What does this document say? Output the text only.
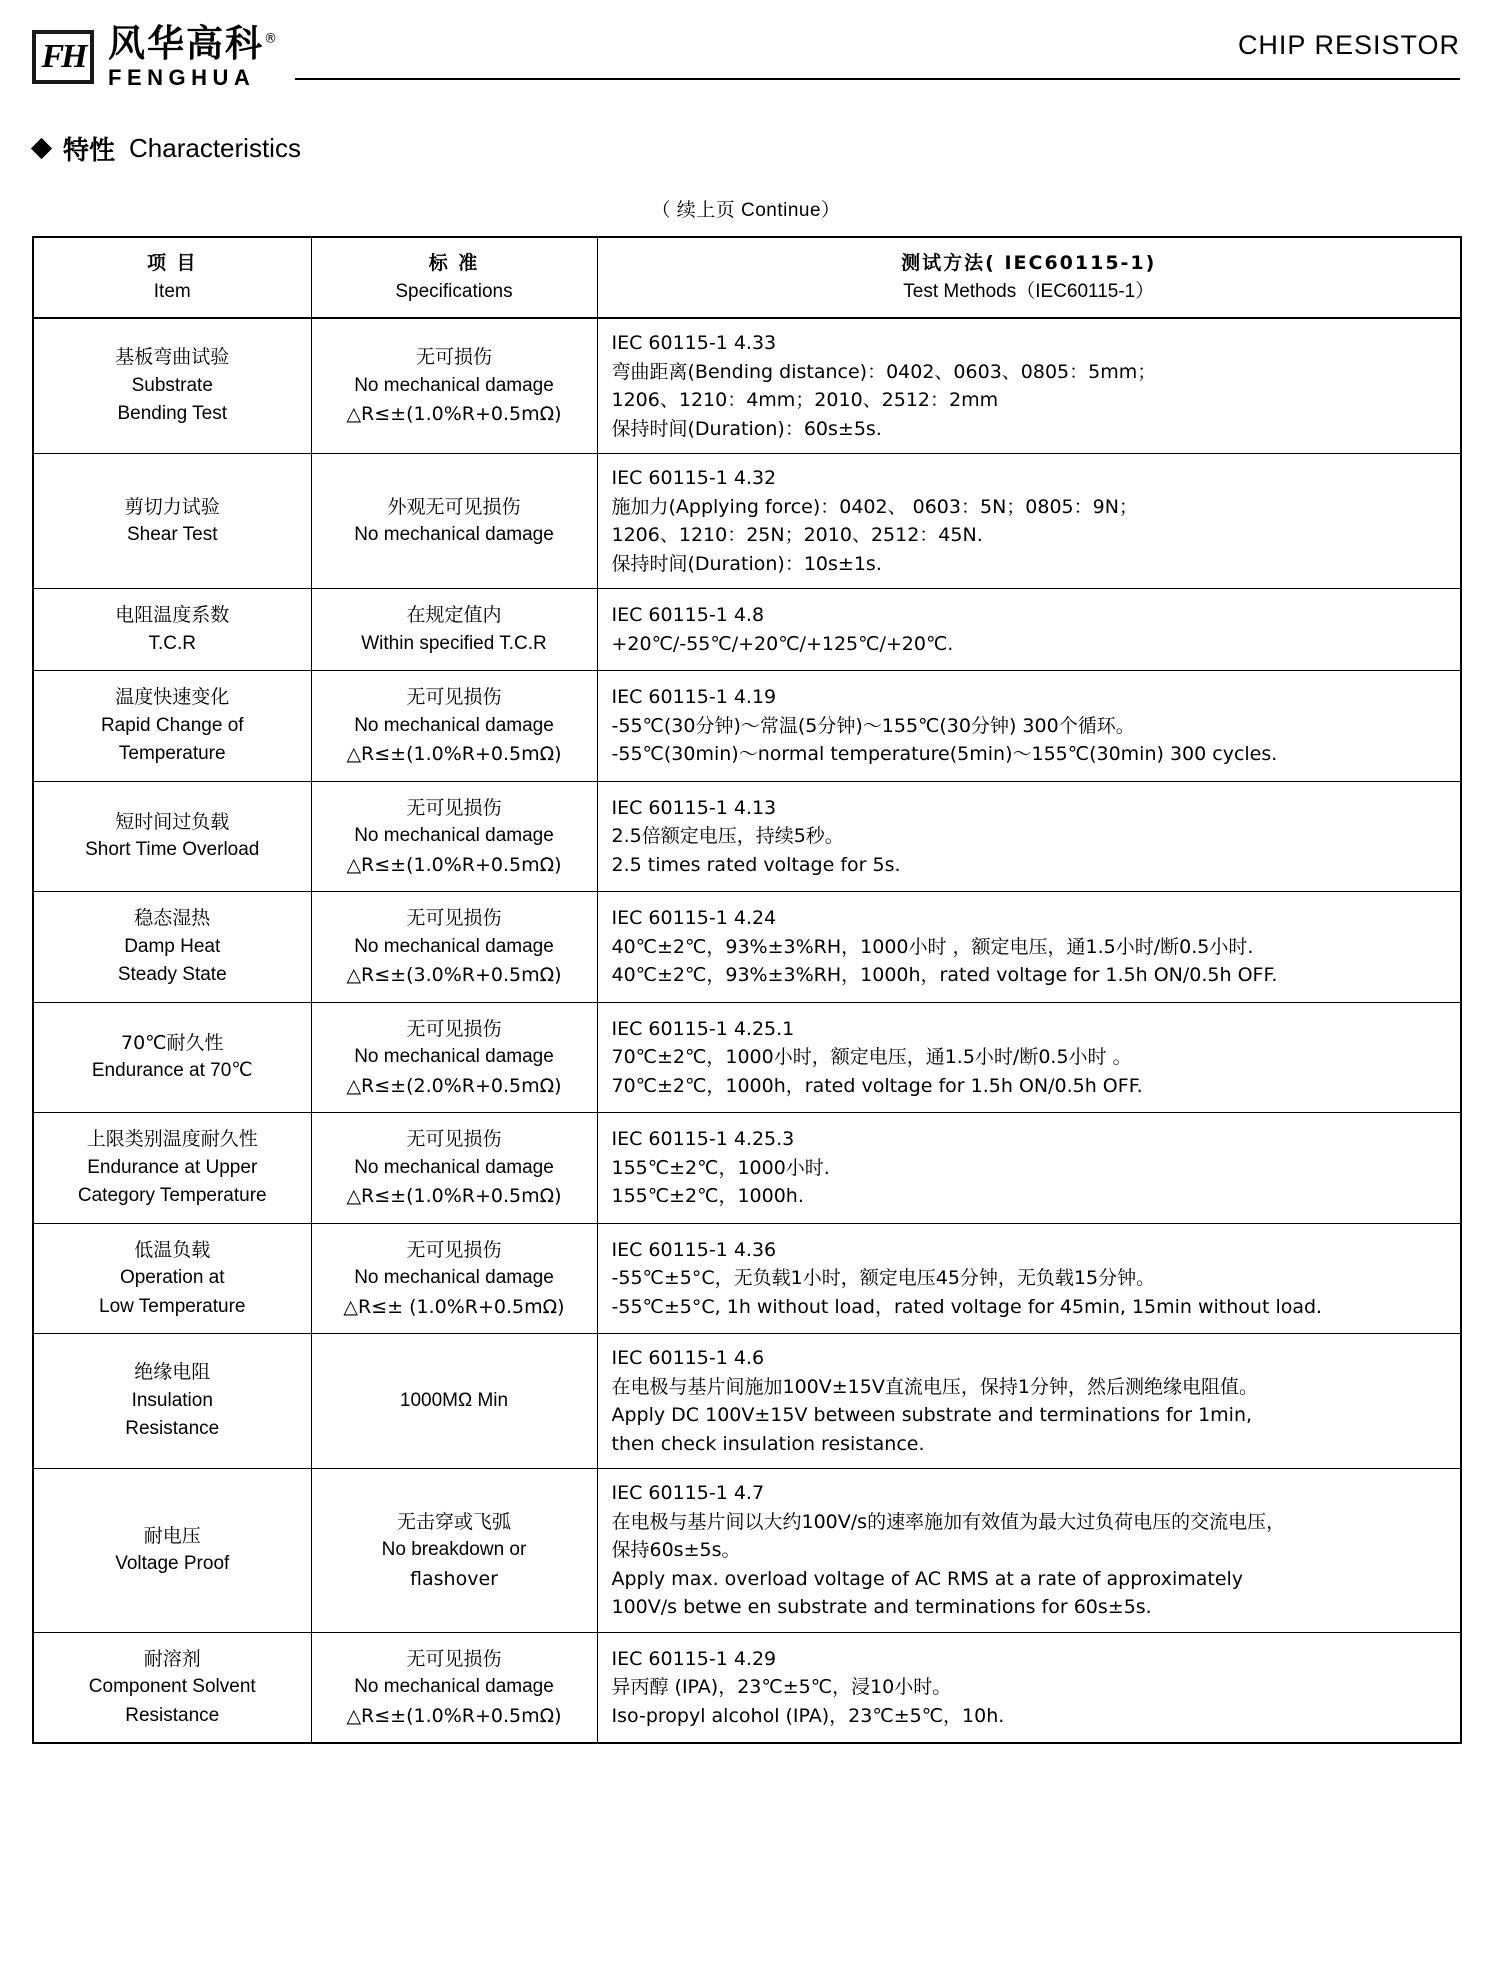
FH 风华高科®
FENGHUA
CHIP RESISTOR
特性 Characteristics
（ 续上页 Continue）
项 目
Item	标 准
Specifications	测试方法( IEC60115-1)
Test Methods（IEC60115-1）

基板弯曲试验
Substrate
Bending Test	无可损伤
No mechanical damage
△R≤±(1.0%R+0.5mΩ)	IEC 60115-1 4.33
弯曲距离(Bending distance)：0402、0603、0805：5mm；
1206、1210：4mm；2010、2512：2mm
保持时间(Duration)：60s±5s.

剪切力试验
Shear Test	外观无可见损伤
No mechanical damage	IEC 60115-1 4.32
施加力(Applying force)：0402、 0603：5N；0805：9N；
1206、1210：25N；2010、2512：45N.
保持时间(Duration)：10s±1s.

电阻温度系数
T.C.R	在规定值内
Within specified T.C.R	IEC 60115-1 4.8
+20℃/-55℃/+20℃/+125℃/+20℃.

温度快速变化
Rapid Change of
Temperature	无可见损伤
No mechanical damage
△R≤±(1.0%R+0.5mΩ)	IEC 60115-1 4.19
-55℃(30分钟)～常温(5分钟)～155℃(30分钟) 300个循环。
-55℃(30min)～normal temperature(5min)～155℃(30min) 300 cycles.

短时间过负载
Short Time Overload	无可见损伤
No mechanical damage
△R≤±(1.0%R+0.5mΩ)	IEC 60115-1 4.13
2.5倍额定电压，持续5秒。
2.5 times rated voltage for 5s.

稳态湿热
Damp Heat
Steady State	无可见损伤
No mechanical damage
△R≤±(3.0%R+0.5mΩ)	IEC 60115-1 4.24
40℃±2℃，93%±3%RH，1000小时 ，额定电压，通1.5小时/断0.5小时.
40℃±2℃，93%±3%RH，1000h，rated voltage for 1.5h ON/0.5h OFF.

70℃耐久性
Endurance at 70℃	无可见损伤
No mechanical damage
△R≤±(2.0%R+0.5mΩ)	IEC 60115-1 4.25.1
70℃±2℃，1000小时，额定电压，通1.5小时/断0.5小时 。
70℃±2℃，1000h，rated voltage for 1.5h ON/0.5h OFF.

上限类别温度耐久性
Endurance at Upper
Category Temperature	无可见损伤
No mechanical damage
△R≤±(1.0%R+0.5mΩ)	IEC 60115-1 4.25.3
155℃±2℃，1000小时.
155℃±2℃，1000h.

低温负载
Operation at
Low Temperature	无可见损伤
No mechanical damage
△R≤± (1.0%R+0.5mΩ)	IEC 60115-1 4.36
-55℃±5°C，无负载1小时，额定电压45分钟，无负载15分钟。
-55℃±5°C, 1h without load，rated voltage for 45min, 15min without load.

绝缘电阻
Insulation
Resistance	1000MΩ Min	IEC 60115-1 4.6
在电极与基片间施加100V±15V直流电压，保持1分钟，然后测绝缘电阻值。
Apply DC 100V±15V between substrate and terminations for 1min,
then check insulation resistance.

耐电压
Voltage Proof	无击穿或飞弧
No breakdown or
flashover	IEC 60115-1 4.7
在电极与基片间以大约100V/s的速率施加有效值为最大过负荷电压的交流电压，
保持60s±5s。
Apply max. overload voltage of AC RMS at a rate of approximately
100V/s betwe en substrate and terminations for 60s±5s.

耐溶剂
Component Solvent
Resistance	无可见损伤
No mechanical damage
△R≤±(1.0%R+0.5mΩ)	IEC 60115-1 4.29
异丙醇 (IPA)，23℃±5℃，浸10小时。
Iso-propyl alcohol (IPA)，23℃±5℃，10h.
